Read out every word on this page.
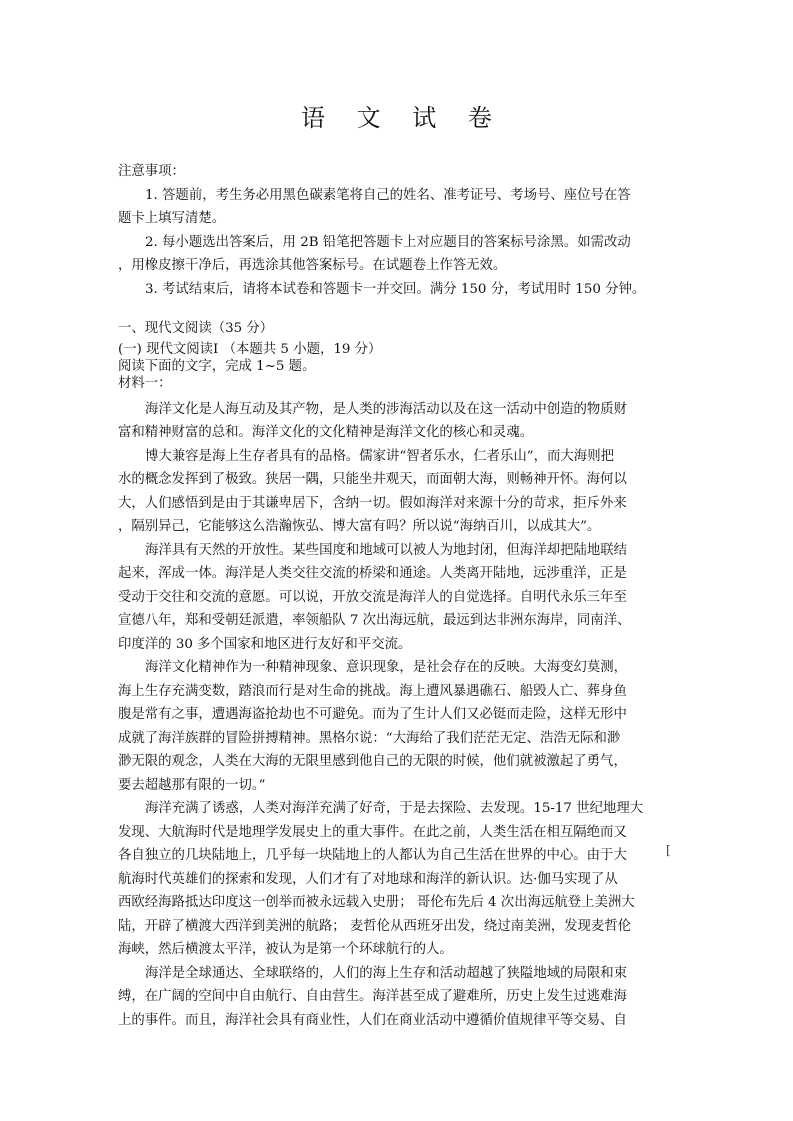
语 文 试 卷

注意事项：

1. 答题前，考生务必用黑色碳素笔将自己的姓名、准考证号、考场号、座位号在答

题卡上填写清楚。

2. 每小题选出答案后，用 2B 铅笔把答题卡上对应题目的答案标号涂黑。如需改动

，用橡皮擦干净后，再选涂其他答案标号。在试题卷上作答无效。

3. 考试结束后，请将本试卷和答题卡一并交回。满分 150 分，考试用时 150 分钟。

一、现代文阅读（35 分）

(一) 现代文阅读Ⅰ （本题共 5 小题，19 分）

阅读下面的文字，完成 1~5 题。

材料一：

海洋文化是人海互动及其产物，是人类的涉海活动以及在这一活动中创造的物质财

富和精神财富的总和。海洋文化的文化精神是海洋文化的核心和灵魂。

博大兼容是海上生存者具有的品格。儒家讲“智者乐水，仁者乐山”，而大海则把

水的概念发挥到了极致。狭居一隅，只能坐井观天，而面朝大海，则畅神开怀。海何以

大，人们感悟到是由于其谦卑居下，含纳一切。假如海洋对来源十分的苛求，拒斥外来

，隔别异己，它能够这么浩瀚恢弘、博大富有吗？所以说“海纳百川，以成其大”。

海洋具有天然的开放性。某些国度和地域可以被人为地封闭，但海洋却把陆地联结

起来，浑成一体。海洋是人类交往交流的桥梁和通途。人类离开陆地，远涉重洋，正是

受动于交往和交流的意愿。可以说，开放交流是海洋人的自觉选择。自明代永乐三年至

宣德八年，郑和受朝廷派遣，率领船队 7 次出海远航，最远到达非洲东海岸，同南洋、

印度洋的 30 多个国家和地区进行友好和平交流。

海洋文化精神作为一种精神现象、意识现象，是社会存在的反映。大海变幻莫测，

海上生存充满变数，踏浪而行是对生命的挑战。海上遭风暴遇礁石、船毁人亡、葬身鱼

腹是常有之事，遭遇海盗抢劫也不可避免。而为了生计人们又必铤而走险，这样无形中

成就了海洋族群的冒险拼搏精神。黑格尔说：“大海给了我们茫茫无定、浩浩无际和渺

渺无限的观念，人类在大海的无限里感到他自己的无限的时候，他们就被激起了勇气，

要去超越那有限的一切。”

海洋充满了诱惑，人类对海洋充满了好奇，于是去探险、去发现。15-17 世纪地理大

发现、大航海时代是地理学发展史上的重大事件。在此之前，人类生活在相互隔绝而又

各自独立的几块陆地上，几乎每一块陆地上的人都认为自己生活在世界的中心。由于大

航海时代英雄们的探索和发现，人们才有了对地球和海洋的新认识。达·伽马实现了从

西欧经海路抵达印度这一创举而被永远载入史册； 哥伦布先后 4 次出海远航登上美洲大

陆，开辟了横渡大西洋到美洲的航路； 麦哲伦从西班牙出发，绕过南美洲，发现麦哲伦

海峡，然后横渡太平洋，被认为是第一个环球航行的人。

海洋是全球通达、全球联络的，人们的海上生存和活动超越了狭隘地域的局限和束

缚，在广阔的空间中自由航行、自由营生。海洋甚至成了避难所，历史上发生过逃难海

上的事件。而且，海洋社会具有商业性，人们在商业活动中遵循价值规律平等交易、自

[
